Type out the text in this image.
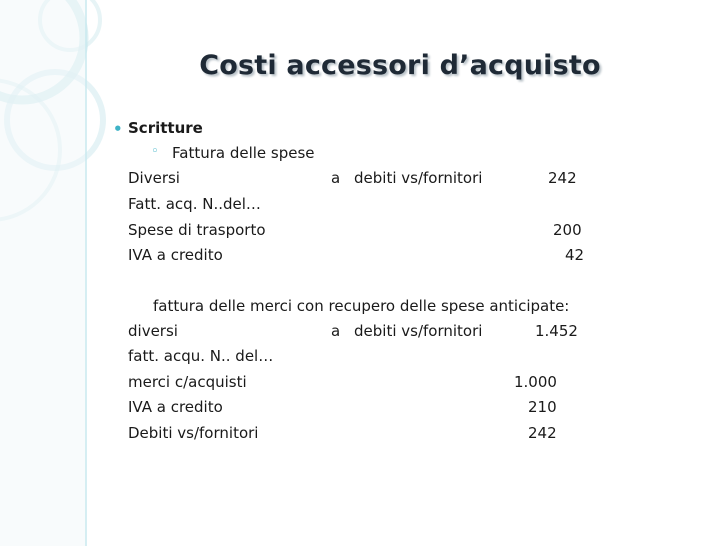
Costi accessori d’acquisto
• Scritture
◦ Fattura delle spese
Diversi	a debiti vs/fornitori	242
Fatt. acq. N..del…
Spese di trasporto	200
IVA a credito	42
fattura delle merci con recupero delle spese anticipate:
diversi	a debiti vs/fornitori	1.452
fatt. acqu. N.. del…
merci c/acquisti	1.000
IVA a credito	210
Debiti vs/fornitori	242
